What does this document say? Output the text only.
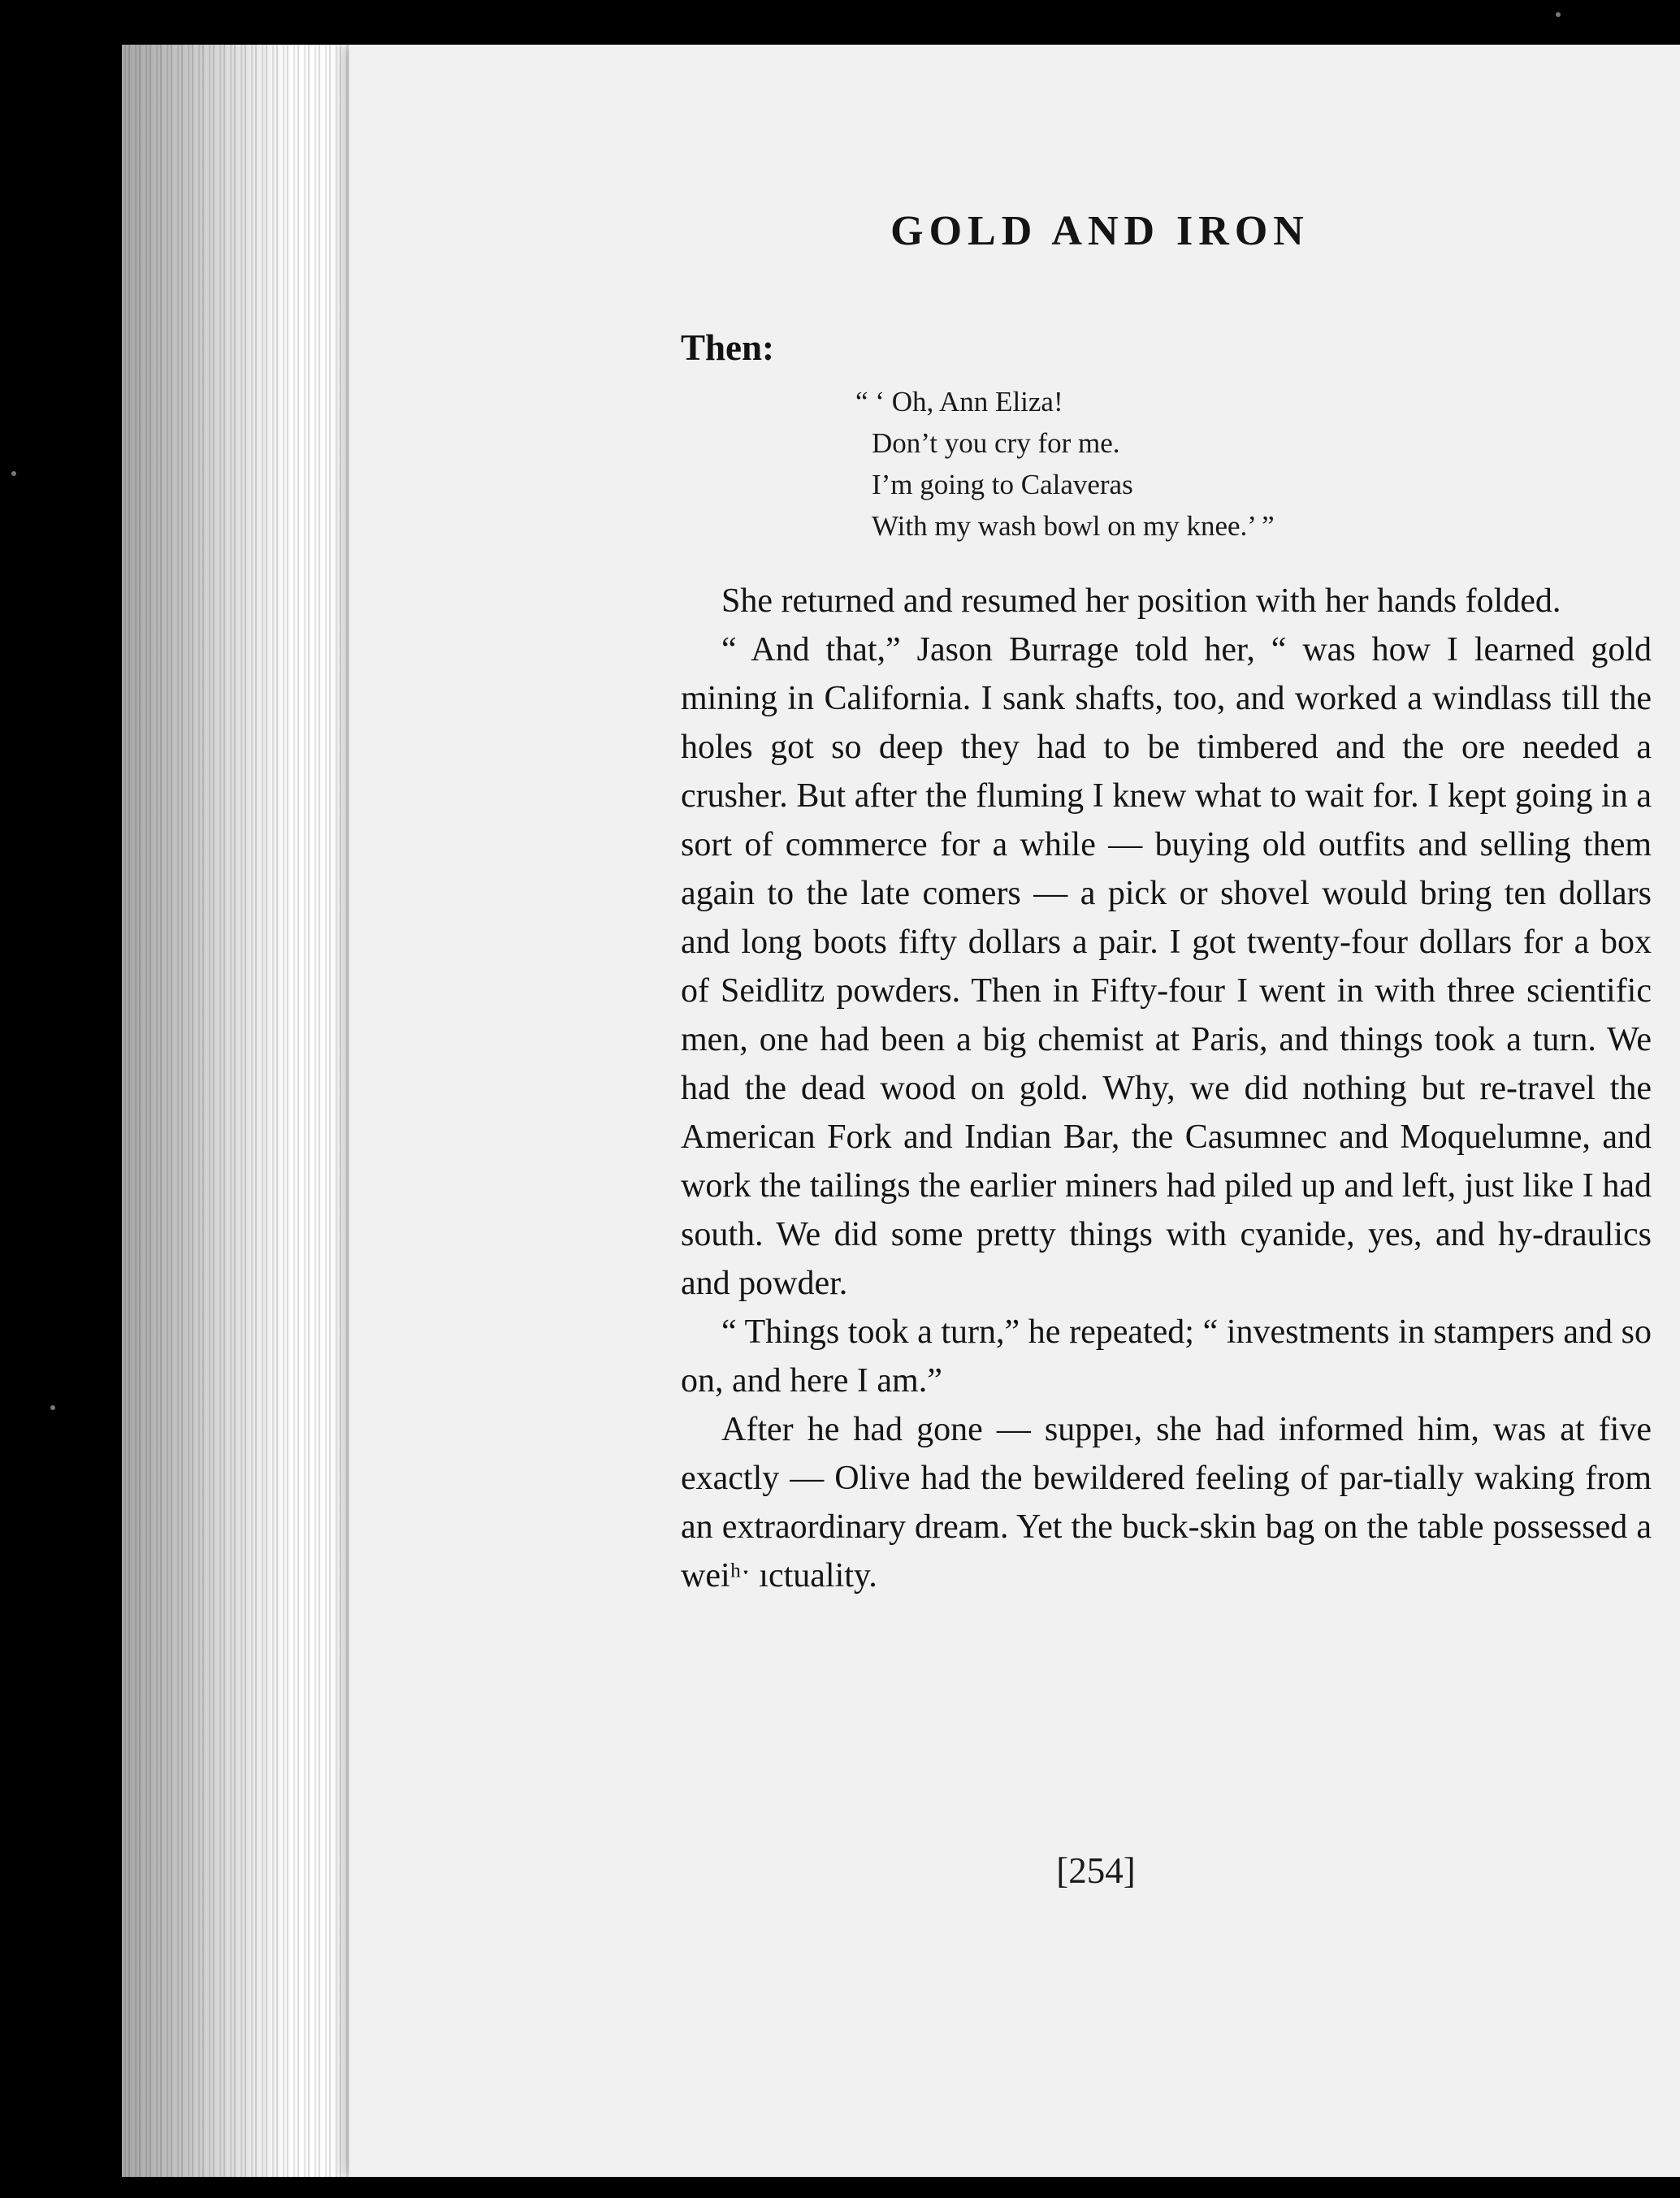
GOLD AND IRON
Then:
“ ‘ Oh, Ann Eliza!
Don’t you cry for me.
I’m going to Calaveras
With my wash bowl on my knee.’ ”

She returned and resumed her position with her hands folded.

“ And that,” Jason Burrage told her, “ was how I learned gold mining in California. I sank shafts, too, and worked a windlass till the holes got so deep they had to be timbered and the ore needed a crusher. But after the fluming I knew what to wait for. I kept going in a sort of commerce for a while — buying old outfits and selling them again to the late comers — a pick or shovel would bring ten dollars and long boots fifty dollars a pair. I got twenty-four dollars for a box of Seidlitz powders. Then in Fifty-four I went in with three scientific men, one had been a big chemist at Paris, and things took a turn. We had the dead wood on gold. Why, we did nothing but re-travel the American Fork and Indian Bar, the Casumnec and Moquelumne, and work the tailings the earlier miners had piled up and left, just like I had south. We did some pretty things with cyanide, yes, and hy-draulics and powder.

“ Things took a turn,” he repeated; “ investments in stampers and so on, and here I am.”

After he had gone — suppeı, she had informed him, was at five exactly — Olive had the bewildered feeling of par-tially waking from an extraordinary dream. Yet the buck-skin bag on the table possessed a weiʰˑ ıctuality.

[254]
